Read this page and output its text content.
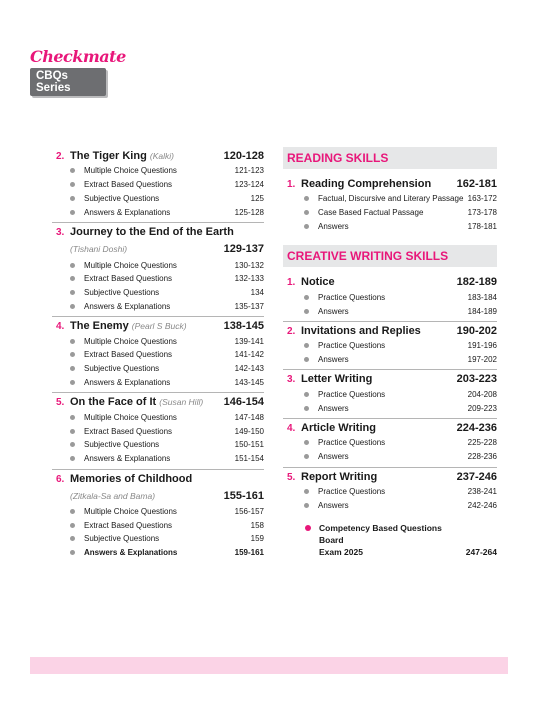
Checkmate
CBQs Series
2. The Tiger King (Kalki)	120-128
Multiple Choice Questions	121-123
Extract Based Questions	123-124
Subjective Questions	125
Answers & Explanations	125-128
3. Journey to the End of the Earth
(Tishani Doshi)	129-137
Multiple Choice Questions	130-132
Extract Based Questions	132-133
Subjective Questions	134
Answers & Explanations	135-137
4. The Enemy (Pearl S Buck)	138-145
Multiple Choice Questions	139-141
Extract Based Questions	141-142
Subjective Questions	142-143
Answers & Explanations	143-145
5. On the Face of It (Susan Hill)	146-154
Multiple Choice Questions	147-148
Extract Based Questions	149-150
Subjective Questions	150-151
Answers & Explanations	151-154
6. Memories of Childhood
(Zitkala-Sa and Bama)	155-161
Multiple Choice Questions	156-157
Extract Based Questions	158
Subjective Questions	159
Answers & Explanations	159-161
READING SKILLS
1. Reading Comprehension	162-181
Factual, Discursive and Literary Passage 163-172
Case Based Factual Passage	173-178
Answers	178-181
CREATIVE WRITING SKILLS
1. Notice	182-189
Practice Questions	183-184
Answers	184-189
2. Invitations and Replies	190-202
Practice Questions	191-196
Answers	197-202
3. Letter Writing	203-223
Practice Questions	204-208
Answers	209-223
4. Article Writing	224-236
Practice Questions	225-228
Answers	228-236
5. Report Writing	237-246
Practice Questions	238-241
Answers	242-246
Competency Based Questions Board
Exam 2025	247-264
